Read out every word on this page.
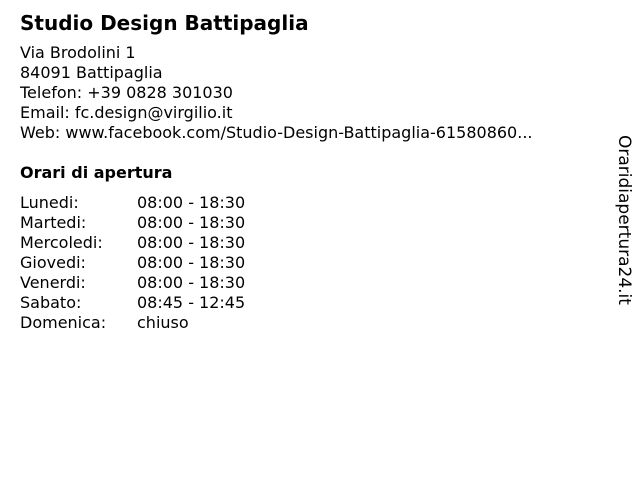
Studio Design Battipaglia
Via Brodolini 1
84091 Battipaglia
Telefon: +39 0828 301030
Email: fc.design@virgilio.it
Web: www.facebook.com/Studio-Design-Battipaglia-61580860...
Orari di apertura
Lunedi:	08:00 - 18:30
Martedi:	08:00 - 18:30
Mercoledi:	08:00 - 18:30
Giovedi:	08:00 - 18:30
Venerdi:	08:00 - 18:30
Sabato:	08:45 - 12:45
Domenica:	chiuso
Oraridiapertura24.it
